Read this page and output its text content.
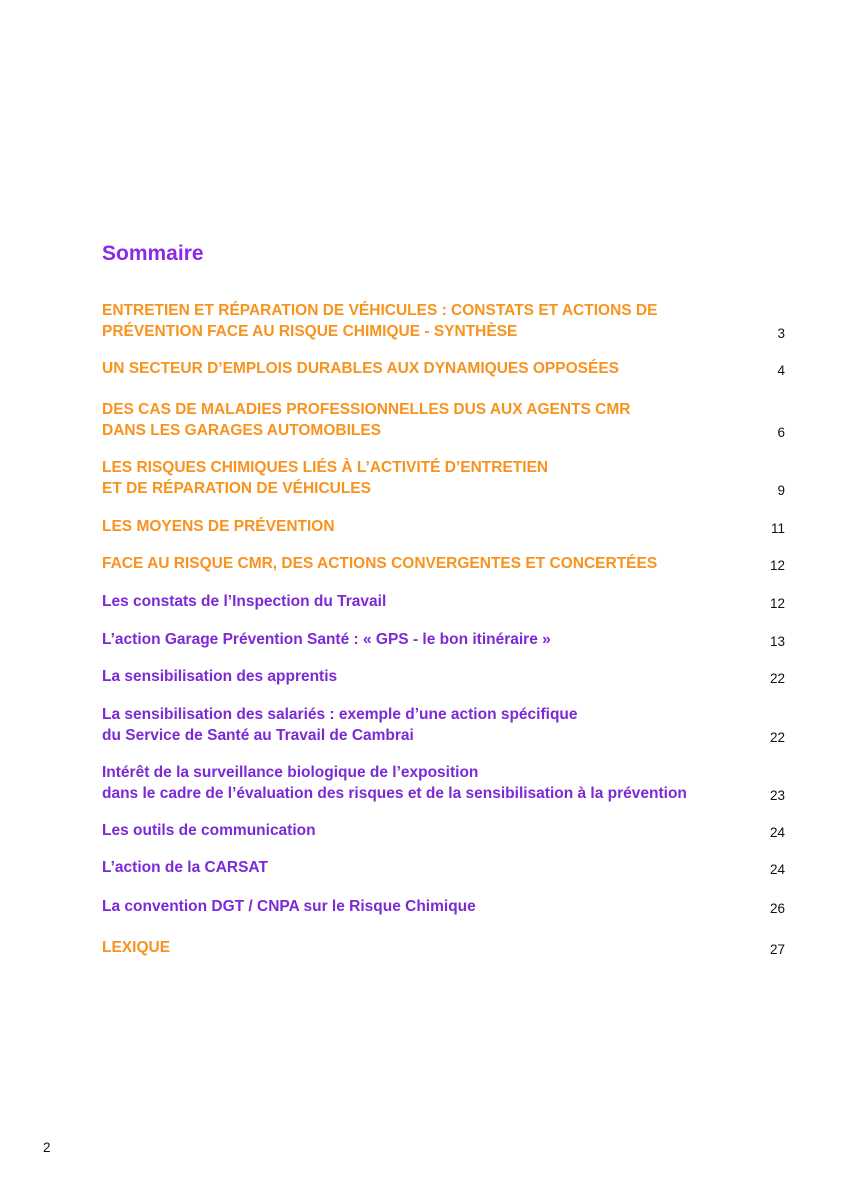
Sommaire
ENTRETIEN ET RÉPARATION DE VÉHICULES : CONSTATS ET ACTIONS DE
PRÉVENTION FACE AU RISQUE CHIMIQUE - SYNTHÈSE	3
UN SECTEUR D’EMPLOIS DURABLES AUX DYNAMIQUES OPPOSÉES	4
DES CAS DE MALADIES PROFESSIONNELLES DUS AUX AGENTS CMR
DANS LES GARAGES AUTOMOBILES	6
LES RISQUES CHIMIQUES LIÉS À L’ACTIVITÉ D’ENTRETIEN
ET DE RÉPARATION DE VÉHICULES	9
LES MOYENS DE PRÉVENTION	11
FACE AU RISQUE CMR, DES ACTIONS CONVERGENTES ET CONCERTÉES	12
Les constats de l’Inspection du Travail	12
L’action Garage Prévention Santé : « GPS - le bon itinéraire »	13
La sensibilisation des apprentis	22
La sensibilisation des salariés : exemple d’une action spécifique
du Service de Santé au Travail de Cambrai	22
Intérêt de la surveillance biologique de l’exposition
dans le cadre de l’évaluation des risques et de la sensibilisation à la prévention	23
Les outils de communication	24
L’action de la CARSAT	24
La convention DGT / CNPA sur le Risque Chimique	26
LEXIQUE	27
2
